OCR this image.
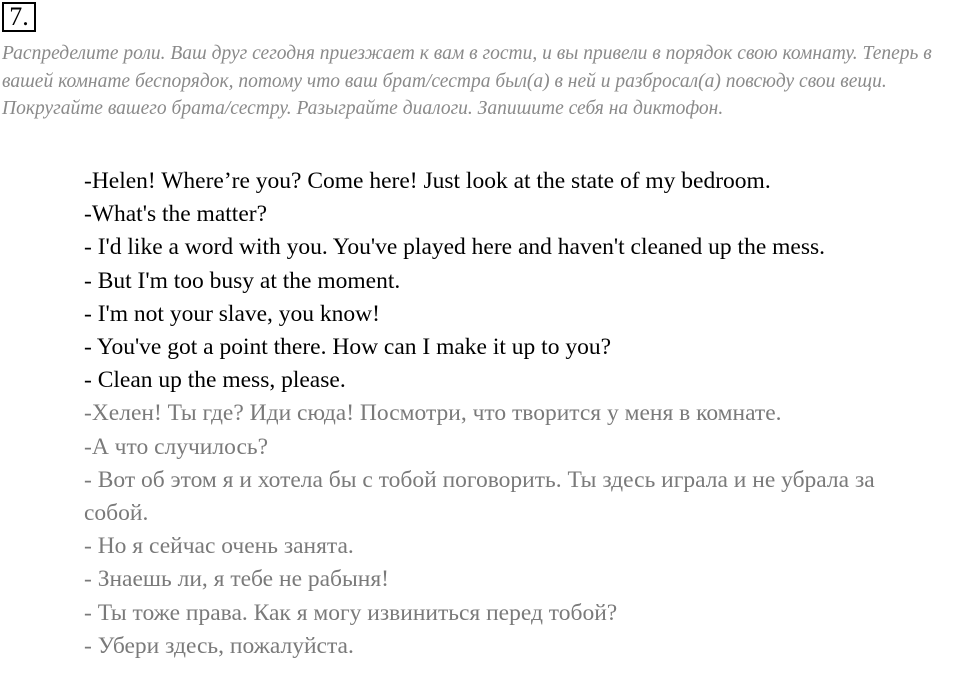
7.

Распределите роли. Ваш друг сегодня приезжает к вам в гости, и вы привели в порядок свою комнату. Теперь в вашей комнате беспорядок, потому что ваш брат/сестра был(а) в ней и разбросал(а) повсюду свои вещи. Покругайте вашего брата/сестру. Разыграйте диалоги. Запишите себя на диктофон.

-Helen! Where’re you? Come here! Just look at the state of my bedroom.

-What's the matter?

- I'd like a word with you. You've played here and haven't cleaned up the mess.

- But I'm too busy at the moment.

- I'm not your slave, you know!

- You've got a point there. How can I make it up to you?

- Clean up the mess, please.

-Хелен! Ты где? Иди сюда! Посмотри, что творится у меня в комнате.

-А что случилось?

- Вот об этом я и хотела бы с тобой поговорить. Ты здесь играла и не убрала за собой.

- Но я сейчас очень занята.

- Знаешь ли, я тебе не рабыня!

- Ты тоже права. Как я могу извиниться перед тобой?

- Убери здесь, пожалуйста.
